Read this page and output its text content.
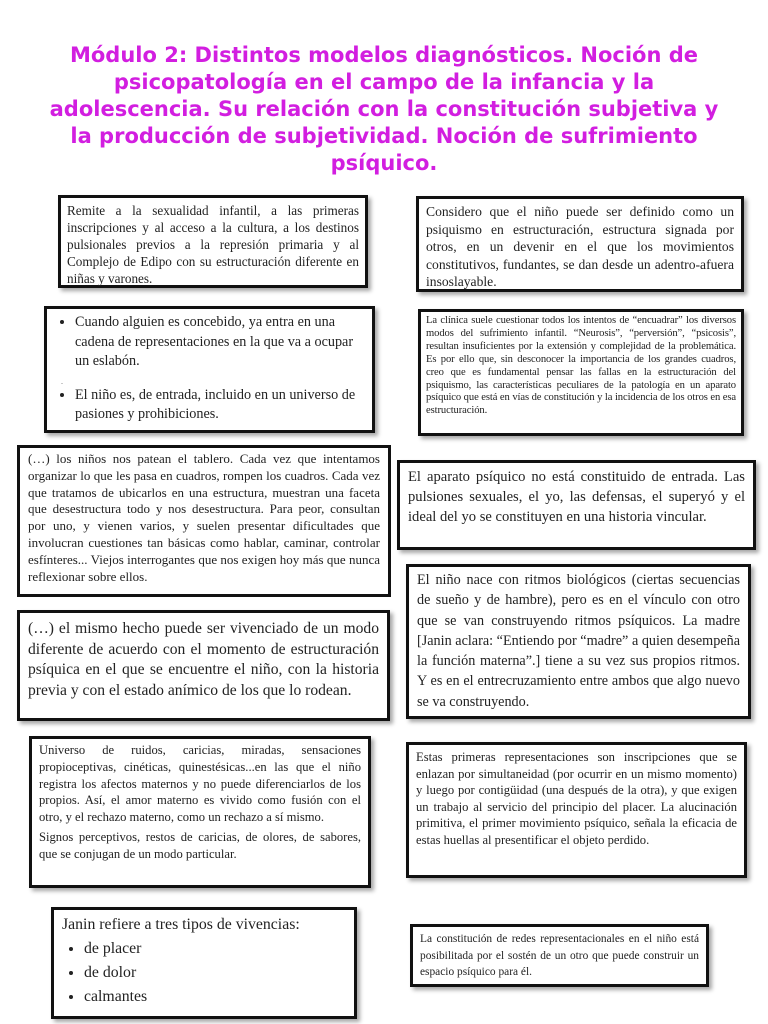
Módulo 2: Distintos modelos diagnósticos. Noción de psicopatología en el campo de la infancia y la adolescencia. Su relación con la constitución subjetiva y la producción de subjetividad. Noción de sufrimiento psíquico.

Remite a la sexualidad infantil, a las primeras inscripciones y al acceso a la cultura, a los destinos pulsionales previos a la represión primaria y al Complejo de Edipo con su estructuración diferente en niñas y varones.

Considero que el niño puede ser definido como un psiquismo en estructuración, estructura signada por otros, en un devenir en el que los movimientos constitutivos, fundantes, se dan desde un adentro-afuera insoslayable.

• Cuando alguien es concebido, ya entra en una cadena de representaciones en la que va a ocupar un eslabón.
.
• El niño es, de entrada, incluido en un universo de pasiones y prohibiciones.

La clínica suele cuestionar todos los intentos de “encuadrar” los diversos modos del sufrimiento infantil. “Neurosis”, “perversión”, “psicosis”, resultan insuficientes por la extensión y complejidad de la problemática. Es por ello que, sin desconocer la importancia de los grandes cuadros, creo que es fundamental pensar las fallas en la estructuración del psiquismo, las características peculiares de la patología en un aparato psíquico que está en vías de constitución y la incidencia de los otros en esa estructuración.

(…) los niños nos patean el tablero. Cada vez que intentamos organizar lo que les pasa en cuadros, rompen los cuadros. Cada vez que tratamos de ubicarlos en una estructura, muestran una faceta que desestructura todo y nos desestructura. Para peor, consultan por uno, y vienen varios, y suelen presentar dificultades que involucran cuestiones tan básicas como hablar, caminar, controlar esfínteres... Viejos interrogantes que nos exigen hoy más que nunca reflexionar sobre ellos.

El aparato psíquico no está constituido de entrada. Las pulsiones sexuales, el yo, las defensas, el superyó y el ideal del yo se constituyen en una historia vincular.

El niño nace con ritmos biológicos (ciertas secuencias de sueño y de hambre), pero es en el vínculo con otro que se van construyendo ritmos psíquicos. La madre [Janin aclara: “Entiendo por “madre” a quien desempeña la función materna”.] tiene a su vez sus propios ritmos. Y es en el entrecruzamiento entre ambos que algo nuevo se va construyendo.

(…) el mismo hecho puede ser vivenciado de un modo diferente de acuerdo con el momento de estructuración psíquica en el que se encuentre el niño, con la historia previa y con el estado anímico de los que lo rodean.

Universo de ruidos, caricias, miradas, sensaciones propioceptivas, cinéticas, quinestésicas...en las que el niño registra los afectos maternos y no puede diferenciarlos de los propios. Así, el amor materno es vivido como fusión con el otro, y el rechazo materno, como un rechazo a sí mismo.

Signos perceptivos, restos de caricias, de olores, de sabores, que se conjugan de un modo particular.

Estas primeras representaciones son inscripciones que se enlazan por simultaneidad (por ocurrir en un mismo momento) y luego por contigüidad (una después de la otra), y que exigen un trabajo al servicio del principio del placer. La alucinación primitiva, el primer movimiento psíquico, señala la eficacia de estas huellas al presentificar el objeto perdido.

Janin refiere a tres tipos de vivencias:

• de placer
• de dolor
• calmantes

La constitución de redes representacionales en el niño está posibilitada por el sostén de un otro que puede construir un espacio psíquico para él.
